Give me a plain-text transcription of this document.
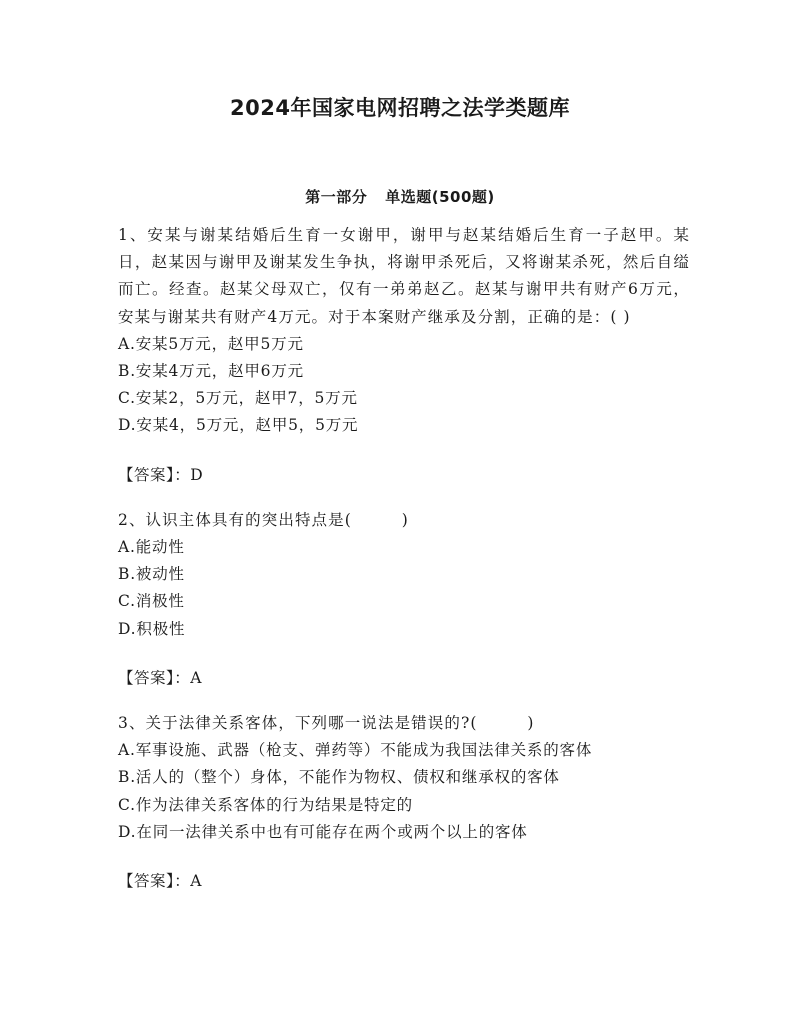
2024年国家电网招聘之法学类题库
第一部分 单选题(500题)

1、安某与谢某结婚后生育一女谢甲，谢甲与赵某结婚后生育一子赵甲。某日，赵某因与谢甲及谢某发生争执，将谢甲杀死后，又将谢某杀死，然后自缢而亡。经查。赵某父母双亡，仅有一弟弟赵乙。赵某与谢甲共有财产6万元，安某与谢某共有财产4万元。对于本案财产继承及分割，正确的是：( )

A.安某5万元，赵甲5万元

B.安某4万元，赵甲6万元

C.安某2，5万元，赵甲7，5万元

D.安某4，5万元，赵甲5，5万元

【答案】：D

2、认识主体具有的突出特点是(　　　)

A.能动性

B.被动性

C.消极性

D.积极性

【答案】：A

3、关于法律关系客体，下列哪一说法是错误的?(　　　)

A.军事设施、武器（枪支、弹药等）不能成为我国法律关系的客体

B.活人的（整个）身体，不能作为物权、债权和继承权的客体

C.作为法律关系客体的行为结果是特定的

D.在同一法律关系中也有可能存在两个或两个以上的客体

【答案】：A
